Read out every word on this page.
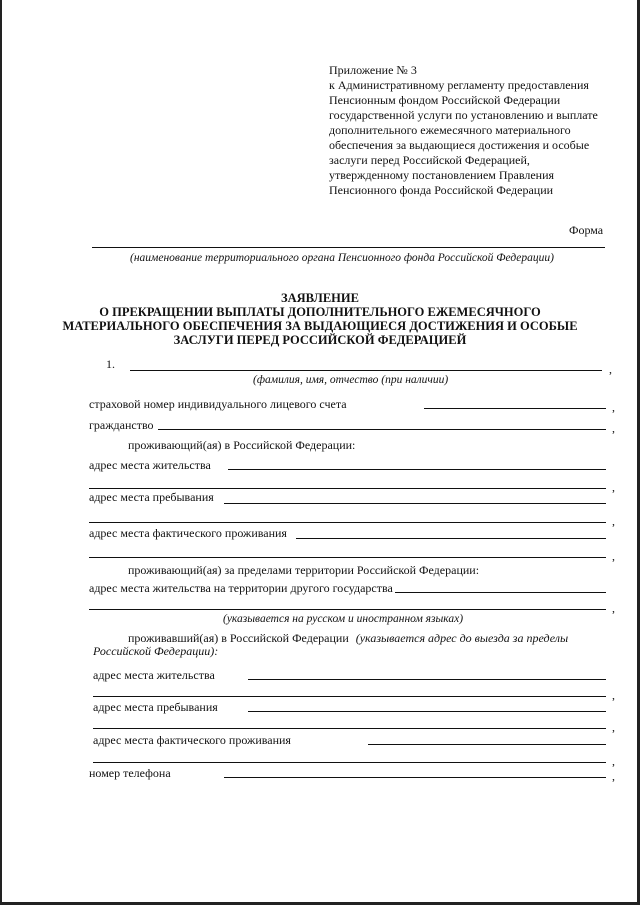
Приложение № 3
к Административному регламенту предоставления
Пенсионным фондом Российской Федерации
государственной услуги по установлению и выплате
дополнительного ежемесячного материального
обеспечения за выдающиеся достижения и особые
заслуги перед Российской Федерацией,
утвержденному постановлением Правления
Пенсионного фонда Российской Федерации
Форма
(наименование территориального органа Пенсионного фонда Российской Федерации)
ЗАЯВЛЕНИЕ
О ПРЕКРАЩЕНИИ ВЫПЛАТЫ ДОПОЛНИТЕЛЬНОГО ЕЖЕМЕСЯЧНОГО
МАТЕРИАЛЬНОГО ОБЕСПЕЧЕНИЯ ЗА ВЫДАЮЩИЕСЯ ДОСТИЖЕНИЯ И ОСОБЫЕ
ЗАСЛУГИ ПЕРЕД РОССИЙСКОЙ ФЕДЕРАЦИЕЙ
1.	,
(фамилия, имя, отчество (при наличии)
страховой номер индивидуального лицевого счета	,
гражданство	,
проживающий(ая) в Российской Федерации:
адрес места жительства
,
адрес места пребывания
,
адрес места фактического проживания
,
проживающий(ая) за пределами территории Российской Федерации:
адрес места жительства на территории другого государства
,
(указывается на русском и иностранном языках)
проживавший(ая) в Российской Федерации (указывается адрес до выезда за пределы
Российской Федерации):
адрес места жительства
,
адрес места пребывания
,
адрес места фактического проживания
,
номер телефона	,
